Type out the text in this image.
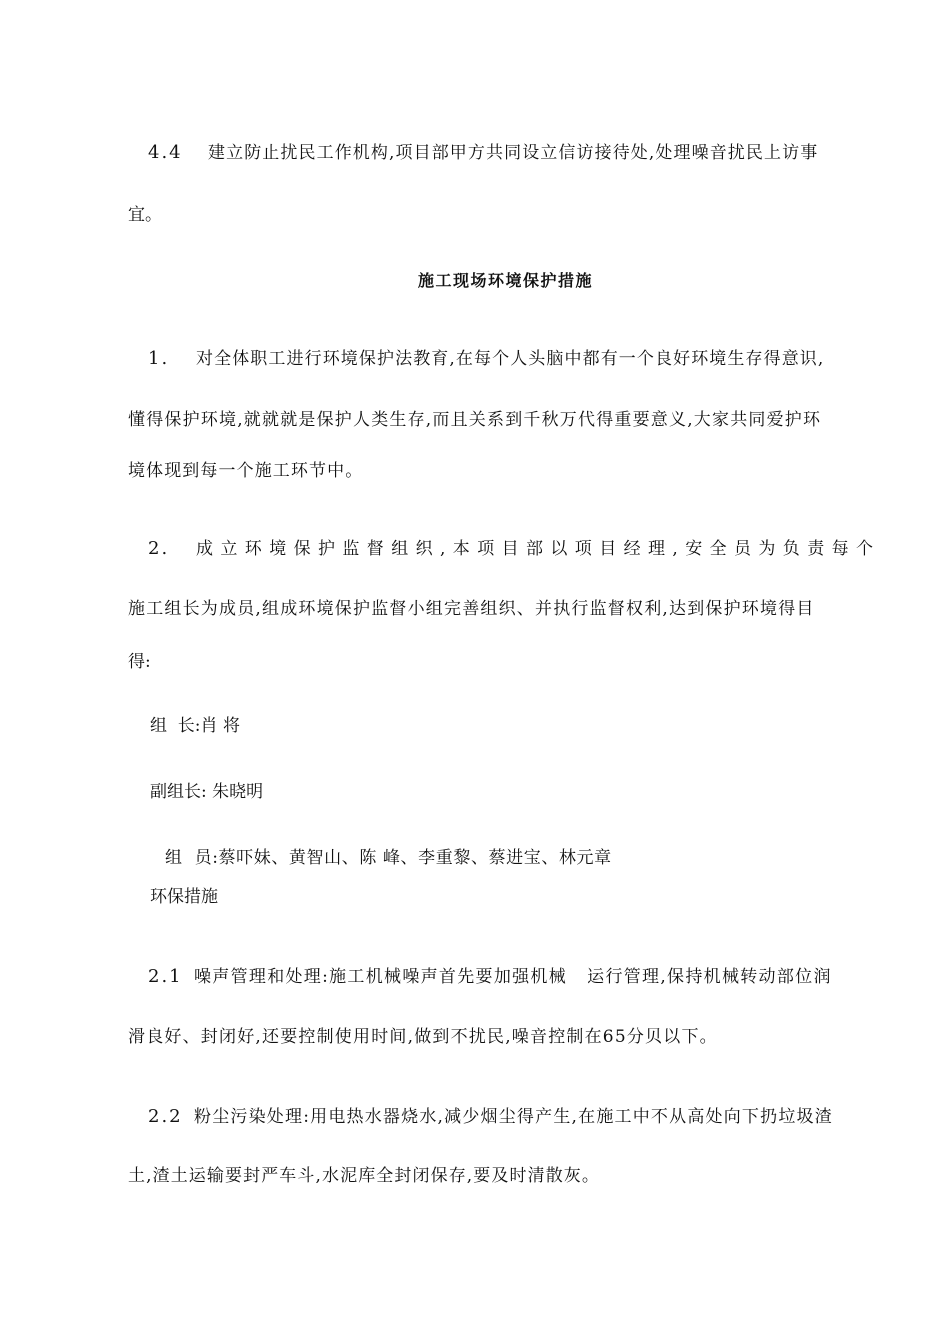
4.4 建立防止扰民工作机构,项目部甲方共同设立信访接待处,处理噪音扰民上访事
宜。
施工现场环境保护措施
1. 对全体职工进行环境保护法教育,在每个人头脑中都有一个良好环境生存得意识,
懂得保护环境,就就就是保护人类生存,而且关系到千秋万代得重要意义,大家共同爱护环
境体现到每一个施工环节中。
2. 成立环境保护监督组织,本项目部以项目经理,安全员为负责每个
施工组长为成员,组成环境保护监督小组完善组织、并执行监督权利,达到保护环境得目
得:
组  长:肖 将
副组长: 朱晓明
组  员:蔡吓妹、黄智山、陈 峰、李重黎、蔡进宝、林元章
环保措施
2.1 噪声管理和处理:施工机械噪声首先要加强机械   运行管理,保持机械转动部位润
滑良好、封闭好,还要控制使用时间,做到不扰民,噪音控制在65分贝以下。
2.2 粉尘污染处理:用电热水器烧水,减少烟尘得产生,在施工中不从高处向下扔垃圾渣
土,渣土运输要封严车斗,水泥库全封闭保存,要及时清散灰。
